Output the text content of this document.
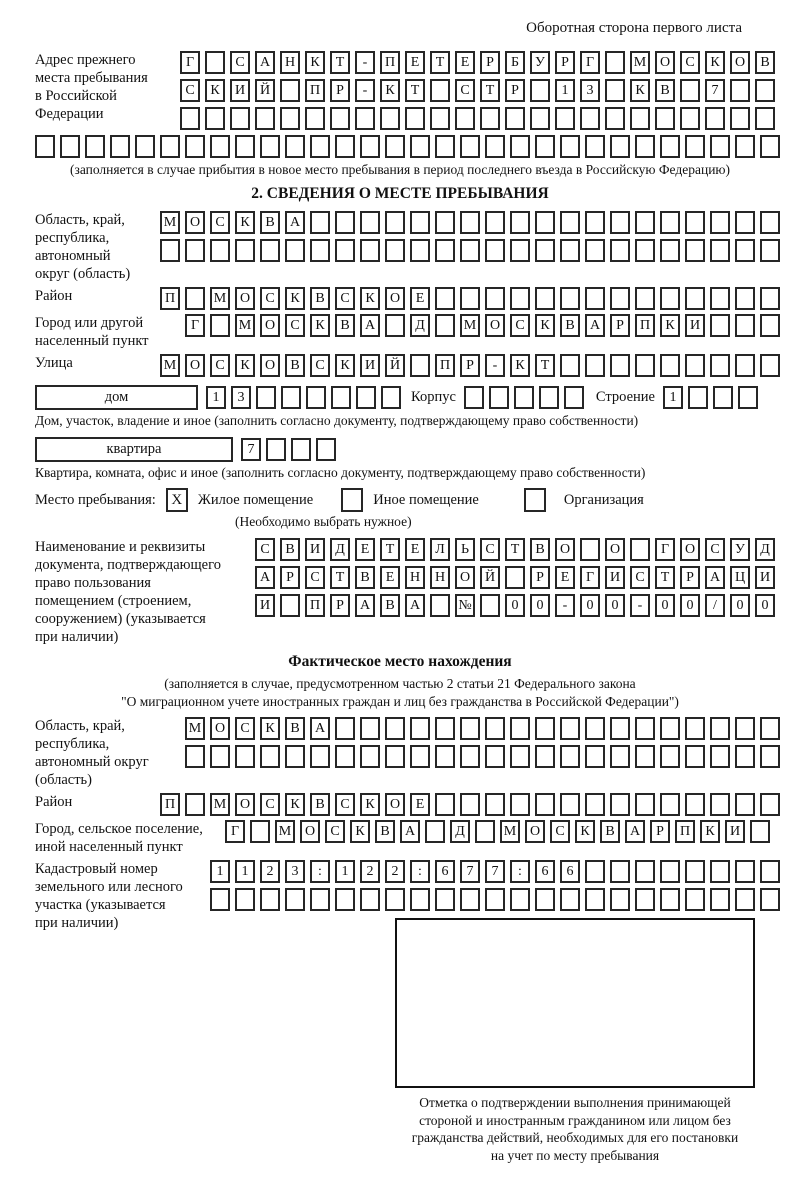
Оборотная сторона первого листа
Адрес прежнего
места пребывания
в Российской
Федерации
Г	С	А	Н	К	Т	-	П	Е	Т	Е	Р	Б	У	Р	Г	М О	С	К	О	В
С	К	И	Й	П	Р	-	К	Т	С	Т	Р	1	3	К	В	7
(заполняется в случае прибытия в новое место пребывания в период последнего въезда в Российскую Федерацию)
2. СВЕДЕНИЯ О МЕСТЕ ПРЕБЫВАНИЯ
Область, край,
республика,
автономный
округ (область)
М О	С	К	В	А
Район	П	М О	С	К	В	С	К	О	Е
Город или другой
населенный пункт
Г	М О	С	К	В	А	Д	М О	С	К	В	А	Р	П	К	И
Улица	М О	С	К	О	В	С	К	И	Й	П	Р	-	К	Т
дом	1	3	Корпус	Строение	1
Дом, участок, владение и иное (заполнить согласно документу, подтверждающему право собственности)
квартира	7
Квартира, комната, офис и иное (заполнить согласно документу, подтверждающему право собственности)
Место пребывания:	X	Жилое помещение	Иное помещение	Организация
(Необходимо выбрать нужное)
Наименование и реквизиты
документа, подтверждающего
право пользования
помещением (строением,
сооружением) (указывается
при наличии)
С	В	И	Д	Е	Т	Е	Л	Ь	С	Т	В	О	О	Г	О	С	У	Д
А	Р	С	Т	В	Е	Н	Н	О	Й	Р	Е	Г	И	С	Т	Р	А	Ц	И
И	П	Р	А	В	А	№	0	0	-	0	0	-	0	0	/	0	0
Фактическое место нахождения
(заполняется в случае, предусмотренном частью 2 статьи 21 Федерального закона
"О миграционном учете иностранных граждан и лиц без гражданства в Российской Федерации")
Область, край,
республика,
автономный округ
(область)
М О	С	К	В	А
Район	П	М О	С	К	В	С	К	О	Е
Город, сельское поселение,
иной населенный пункт
Г	М О	С	К	В	А	Д	М О	С	К	В	А	Р	П	К	И
Кадастровый номер
земельного или лесного
участка (указывается
при наличии)
1	1	2	3	:	1	2	2	:	6	7	7	:	6	6
Отметка о подтверждении выполнения принимающей
стороной и иностранным гражданином или лицом без
гражданства действий, необходимых для его постановки
на учет по месту пребывания
